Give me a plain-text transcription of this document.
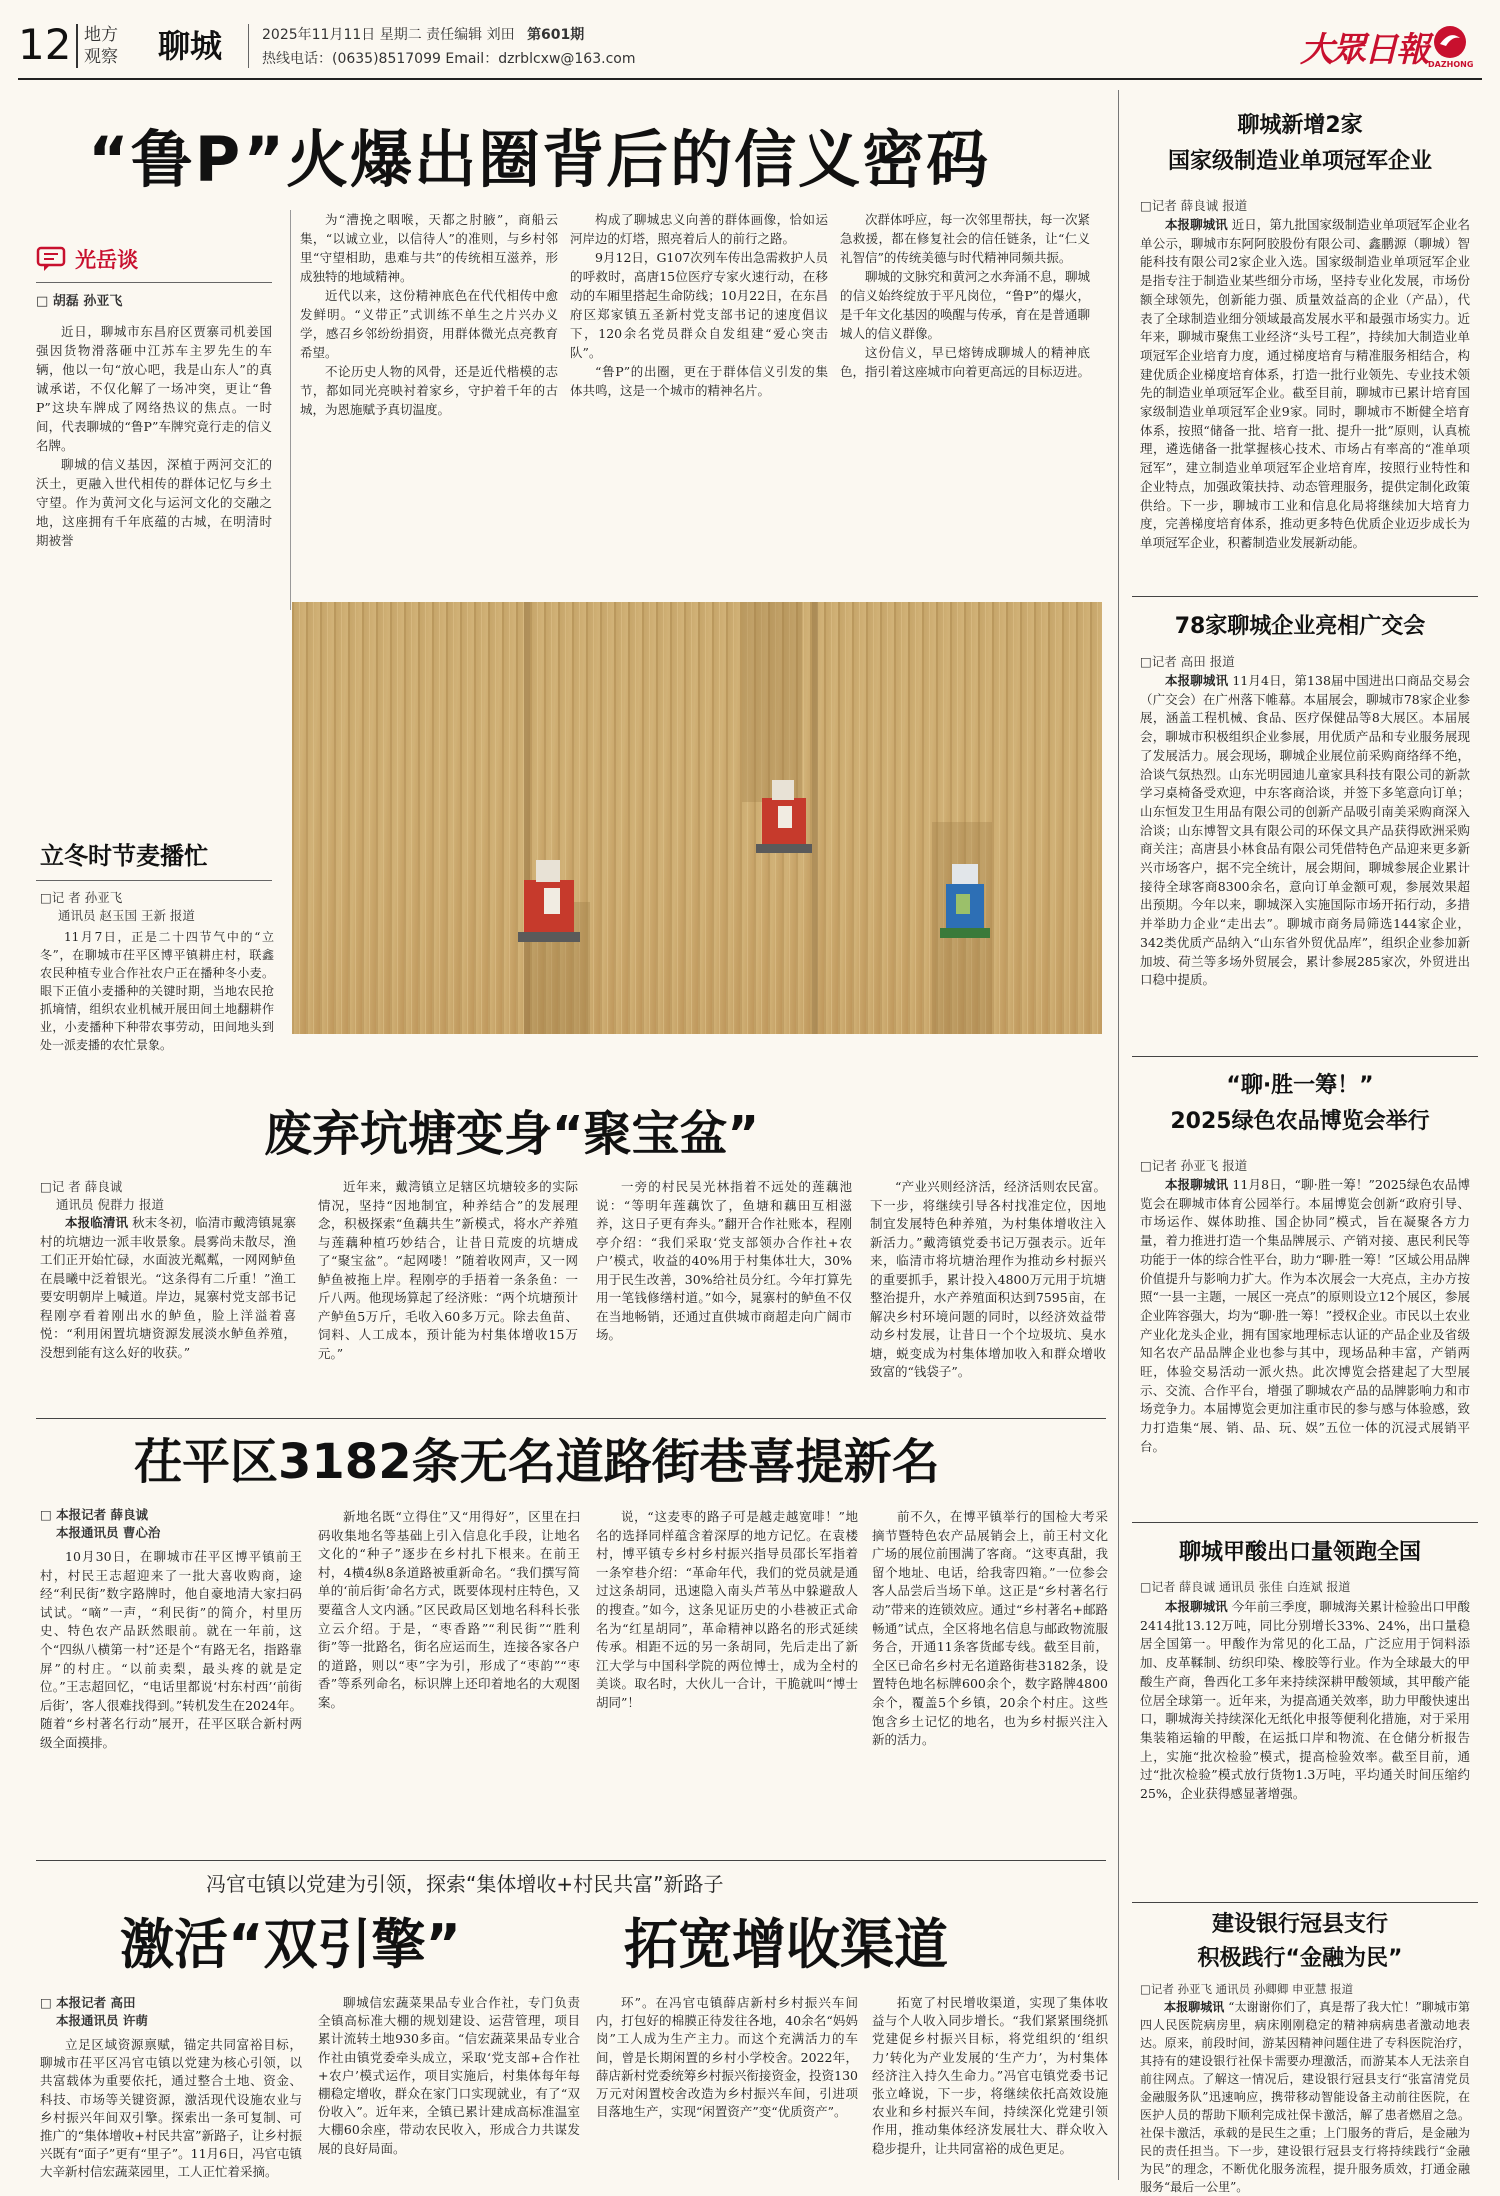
12 地方
观察 聊城	2025年11月11日 星期二 责任编辑 刘田 第601期
热线电话：(0635)8517099 Email：dzrblcxw@163.com	大眾日報 DAZHONG
“鲁P”火爆出圈背后的信义密码
光岳谈
□ 胡磊 孙亚飞

近日，聊城市东昌府区贾寨司机姜国强因货物滑落砸中江苏车主罗先生的车辆，他以一句“放心吧，我是山东人”的真诚承诺，不仅化解了一场冲突，更让“鲁P”这块车牌成了网络热议的焦点。一时间，代表聊城的“鲁P”车牌究竟行走的信义名牌。

聊城的信义基因，深植于两河交汇的沃土，更融入世代相传的群体记忆与乡土守望。作为黄河文化与运河文化的交融之地，这座拥有千年底蕴的古城，在明清时期被誉

为“漕挽之咽喉，天都之肘腋”，商船云集，“以诚立业，以信待人”的准则，与乡村邻里“守望相助，患难与共”的传统相互滋养，形成独特的地域精神。

近代以来，这份精神底色在代代相传中愈发鲜明。“义带正”式训练不单生之片兴办义学，感召乡邻纷纷捐资，用群体微光点亮教育希望。

不论历史人物的风骨，还是近代楷模的志节，都如同光亮映衬着家乡，守护着千年的古城，为恩施赋予真切温度。

构成了聊城忠义向善的群体画像，恰如运河岸边的灯塔，照亮着后人的前行之路。

9月12日，G107次列车传出急需救护人员的呼救时，高唐15位医疗专家火速行动，在移动的车厢里搭起生命防线；10月22日，在东昌府区郑家镇五圣新村党支部书记的速度倡议下，120余名党员群众自发组建“爱心突击队”。

“鲁P”的出圈，更在于群体信义引发的集体共鸣，这是一个城市的精神名片。

次群体呼应，每一次邻里帮扶，每一次紧急救援，都在修复社会的信任链条，让“仁义礼智信”的传统美德与时代精神同频共振。

聊城的文脉究和黄河之水奔涌不息，聊城的信义始终绽放于平凡岗位，“鲁P”的爆火，是千年文化基因的唤醒与传承，育在是普通聊城人的信义群像。

这份信义，早已熔铸成聊城人的精神底色，指引着这座城市向着更高远的目标迈进。

立冬时节麦播忙
□记 者 孙亚飞
通讯员 赵玉国 王新 报道

11月7日，正是二十四节气中的“立冬”，在聊城市茌平区博平镇耕庄村，联鑫农民种植专业合作社农户正在播种冬小麦。眼下正值小麦播种的关键时期，当地农民抢抓墒情，组织农业机械开展田间土地翻耕作业，小麦播种下种带农事劳动，田间地头到处一派麦播的农忙景象。

废弃坑塘变身“聚宝盆”
□记 者 薛良诚
通讯员 倪群力 报道

本报临清讯 秋末冬初，临清市戴湾镇晁寨村的坑塘边一派丰收景象。晨雾尚未散尽，渔工们正开始忙碌，水面波光粼粼，一网网鲈鱼在晨曦中泛着银光。“这条得有二斤重！”渔工要安明朝岸上喊道。岸边，晁寨村党支部书记程刚亭看着刚出水的鲈鱼，脸上洋溢着喜悦：“利用闲置坑塘资源发展淡水鲈鱼养殖，没想到能有这么好的收获。”

近年来，戴湾镇立足辖区坑塘较多的实际情况，坚持“因地制宜，种养结合”的发展理念，积极探索“鱼藕共生”新模式，将水产养殖与莲藕种植巧妙结合，让昔日荒废的坑塘成了“聚宝盆”。“起网喽！”随着收网声，又一网鲈鱼被拖上岸。程刚亭的手捂着一条条鱼：一斤八两。他现场算起了经济账：“两个坑塘预计产鲈鱼5万斤，毛收入60多万元。除去鱼苗、饲料、人工成本，预计能为村集体增收15万元。”

一旁的村民吴光林指着不远处的莲藕池说：“等明年莲藕饮了，鱼塘和藕田互相滋养，这日子更有奔头。”翻开合作社账本，程刚亭介绍：“我们采取‘党支部领办合作社+农户’模式，收益的40%用于村集体壮大，30%用于民生改善，30%给社员分红。今年打算先用一笔钱修缮村道。”如今，晁寨村的鲈鱼不仅在当地畅销，还通过直供城市商超走向广阔市场。

“产业兴则经济活，经济活则农民富。下一步，将继续引导各村找准定位，因地制宜发展特色种养殖，为村集体增收注入新活力。”戴湾镇党委书记万强表示。近年来，临清市将坑塘治理作为推动乡村振兴的重要抓手，累计投入4800万元用于坑塘整治提升，水产养殖面积达到7595亩，在解决乡村环境问题的同时，以经济效益带动乡村发展，让昔日一个个垃圾坑、臭水塘，蜕变成为村集体增加收入和群众增收致富的“钱袋子”。

茌平区3182条无名道路街巷喜提新名
□ 本报记者 薛良诚
本报通讯员 曹心治

10月30日，在聊城市茌平区博平镇前王村，村民王志超迎来了一批大喜收购商，途经“利民街”数字路牌时，他自豪地清大家扫码试试。“嘀”一声，“利民街”的简介，村里历史、特色农产品跃然眼前。就在一年前，这个“四纵八横第一村”还是个“有路无名，指路靠屏”的村庄。“以前卖梨，最头疼的就是定位。”王志超回忆，“电话里都说‘村东村西’‘前街后街’，客人很难找得到。”转机发生在2024年。随着“乡村著名行动”展开，茌平区联合新村两级全面摸排。

新地名既“立得住”又“用得好”，区里在扫码收集地名等基础上引入信息化手段，让地名文化的“种子”逐步在乡村扎下根来。在前王村，4横4纵8条道路被重新命名。“我们撰写简单的‘前后街’命名方式，既要体现村庄特色，又要蕴含人文内涵。”区民政局区划地名科科长张立云介绍。于是，“枣香路”“利民街”“胜利街”等一批路名，街名应运而生，连接各家各户的道路，则以“枣”字为引，形成了“枣韵”“枣香”等系列命名，标识牌上还印着地名的大观图案。

说，“这麦枣的路子可是越走越宽啡！”地名的选择同样蕴含着深厚的地方记忆。在袁楼村，博平镇专乡村乡村振兴指导员邵长军指着一条窄巷介绍：“革命年代，我们的党员就是通过这条胡同，迅速隐入南头芦苇丛中躲避敌人的搜查。”如今，这条见证历史的小巷被正式命名为“红星胡同”，革命精神以路名的形式延续传承。相距不远的另一条胡同，先后走出了新江大学与中国科学院的两位博士，成为全村的美谈。取名时，大伙儿一合计，干脆就叫“博士胡同”！

前不久，在博平镇举行的国检大考采摘节暨特色农产品展销会上，前王村文化广场的展位前围满了客商。“这枣真甜，我留个地址、电话，给我寄四箱。”一位参会客人品尝后当场下单。这正是“乡村著名行动”带来的连锁效应。通过“乡村著名+邮路畅通”试点，全区将地名信息与邮政物流服务合，开通11条客货邮专线。截至目前，全区已命名乡村无名道路街巷3182条，设置特色地名标牌600余个，数字路牌4800余个，覆盖5个乡镇，20余个村庄。这些饱含乡土记忆的地名，也为乡村振兴注入新的活力。

冯官屯镇以党建为引领，探索“集体增收+村民共富”新路子
激活“双引擎”	拓宽增收渠道
□ 本报记者 高田
本报通讯员 许萌

立足区域资源禀赋，锚定共同富裕目标，聊城市茌平区冯官屯镇以党建为核心引领，以共富载体为重要依托，通过整合土地、资金、科技、市场等关键资源，激活现代设施农业与乡村振兴年间双引擎。探索出一条可复制、可推广的“集体增收+村民共富”新路子，让乡村振兴既有“面子”更有“里子”。11月6日，冯官屯镇大辛新村信宏蔬菜园里，工人正忙着采摘。

聊城信宏蔬菜果品专业合作社，专门负责全镇高标准大棚的规划建设、运营管理，项目累计流转土地930多亩。“信宏蔬菜果品专业合作社由镇党委牵头成立，采取‘党支部+合作社+农户’模式运作，项目实施后，村集体每年每棚稳定增收，群众在家门口实现就业，有了“双份收入”。近年来，全镇已累计建成高标准温室大棚60余座，带动农民收入，形成合力共谋发展的良好局面。

环”。在冯官屯镇薛店新村乡村振兴车间内，打包好的棉膜正待发往各地，40余名“妈妈岗”工人成为生产主力。而这个充满活力的车间，曾是长期闲置的乡村小学校舍。2022年，薛店新村党委统筹乡村振兴衔接资金，投资130万元对闲置校舍改造为乡村振兴车间，引进项目落地生产，实现“闲置资产”变“优质资产”。

拓宽了村民增收渠道，实现了集体收益与个人收入同步增长。“我们紧紧围绕抓党建促乡村振兴目标，将党组织的‘组织力’转化为产业发展的‘生产力’，为村集体经济注入持久生命力。”冯官屯镇党委书记张立峰说，下一步，将继续依托高效设施农业和乡村振兴车间，持续深化党建引领作用，推动集体经济发展壮大、群众收入稳步提升，让共同富裕的成色更足。

聊城新增2家
国家级制造业单项冠军企业
□记者 薛良诚 报道

本报聊城讯 近日，第九批国家级制造业单项冠军企业名单公示，聊城市东阿阿胶股份有限公司、鑫鹏源（聊城）智能科技有限公司2家企业入选。国家级制造业单项冠军企业是指专注于制造业某些细分市场，坚持专业化发展，市场份额全球领先，创新能力强、质量效益高的企业（产品），代表了全球制造业细分领域最高发展水平和最强市场实力。近年来，聊城市聚焦工业经济“头号工程”，持续加大制造业单项冠军企业培育力度，通过梯度培育与精准服务相结合，构建优质企业梯度培育体系，打造一批行业领先、专业技术领先的制造业单项冠军企业。截至目前，聊城市已累计培育国家级制造业单项冠军企业9家。同时，聊城市不断健全培育体系，按照“储备一批、培育一批、提升一批”原则，认真梳理，遴选储备一批掌握核心技术、市场占有率高的“准单项冠军”，建立制造业单项冠军企业培育库，按照行业特性和企业特点，加强政策扶持、动态管理服务，提供定制化政策供给。下一步，聊城市工业和信息化局将继续加大培育力度，完善梯度培育体系，推动更多特色优质企业迈步成长为单项冠军企业，积蓄制造业发展新动能。

78家聊城企业亮相广交会
□记者 高田 报道

本报聊城讯 11月4日，第138届中国进出口商品交易会（广交会）在广州落下帷幕。本届展会，聊城市78家企业参展，涵盖工程机械、食品、医疗保健品等8大展区。本届展会，聊城市积极组织企业参展，用优质产品和专业服务展现了发展活力。展会现场，聊城企业展位前采购商络绎不绝，洽谈气氛热烈。山东光明园迪儿童家具科技有限公司的新款学习桌椅备受欢迎，中东客商洽谈，并签下多笔意向订单；山东恒发卫生用品有限公司的创新产品吸引南美采购商深入洽谈；山东博智文具有限公司的环保文具产品获得欧洲采购商关注；高唐县小林食品有限公司凭借特色产品迎来更多新兴市场客户，据不完全统计，展会期间，聊城参展企业累计接待全球客商8300余名，意向订单金额可观，参展效果超出预期。今年以来，聊城深入实施国际市场开拓行动，多措并举助力企业“走出去”。聊城市商务局筛选144家企业，342类优质产品纳入“山东省外贸优品库”，组织企业参加新加坡、荷兰等多场外贸展会，累计参展285家次，外贸进出口稳中提质。

“聊·胜一筹！”
2025绿色农品博览会举行
□记者 孙亚飞 报道

本报聊城讯 11月8日，“聊·胜一筹！”2025绿色农品博览会在聊城市体育公园举行。本届博览会创新“政府引导、市场运作、媒体助推、国企协同”模式，旨在凝聚各方力量，着力推进打造一个集品牌展示、产销对接、惠民利民等功能于一体的综合性平台，助力“聊·胜一筹！”区域公用品牌价值提升与影响力扩大。作为本次展会一大亮点，主办方按照“一县一主题，一展区一亮点”的原则设立12个展区，参展企业阵容强大，均为“聊·胜一筹！”授权企业。市民以土农业产业化龙头企业，拥有国家地理标志认证的产品企业及省级知名农产品品牌企业也参与其中，现场品种丰富，产销两旺，体验交易活动一派火热。此次博览会搭建起了大型展示、交流、合作平台，增强了聊城农产品的品牌影响力和市场竞争力。本届博览会更加注重市民的参与感与体验感，致力打造集“展、销、品、玩、娱”五位一体的沉浸式展销平台。

聊城甲酸出口量领跑全国
□记者 薛良诚 通讯员 张佳 白连斌 报道

本报聊城讯 今年前三季度，聊城海关累计检验出口甲酸2414批13.12万吨，同比分别增长33%、24%，出口量稳居全国第一。甲酸作为常见的化工品，广泛应用于饲料添加、皮革鞣制、纺织印染、橡胶等行业。作为全球最大的甲酸生产商，鲁西化工多年来持续深耕甲酸领域，其甲酸产能位居全球第一。近年来，为提高通关效率，助力甲酸快速出口，聊城海关持续深化无纸化申报等便利化措施，对于采用集装箱运输的甲酸，在运抵口岸和物流、在仓储分析报告上，实施“批次检验”模式，提高检验效率。截至目前，通过“批次检验”模式放行货物1.3万吨，平均通关时间压缩约25%，企业获得感显著增强。

建设银行冠县支行
积极践行“金融为民”
□记者 孙亚飞 通讯员 孙卿卿 申亚慧 报道

本报聊城讯 “太谢谢你们了，真是帮了我大忙！”聊城市第四人民医院病房里，病床刚刚稳定的精神病病患者激动地表达。原来，前段时间，游某因精神问题住进了专科医院治疗，其持有的建设银行社保卡需要办理激活，而游某本人无法亲自前往网点。了解这一情况后，建设银行冠县支行“张富清党员金融服务队”迅速响应，携带移动智能设备主动前往医院，在医护人员的帮助下顺利完成社保卡激活，解了患者燃眉之急。社保卡激活，承载的是民生之重；上门服务的背后，是金融为民的责任担当。下一步，建设银行冠县支行将持续践行“金融为民”的理念，不断优化服务流程，提升服务质效，打通金融服务“最后一公里”。
